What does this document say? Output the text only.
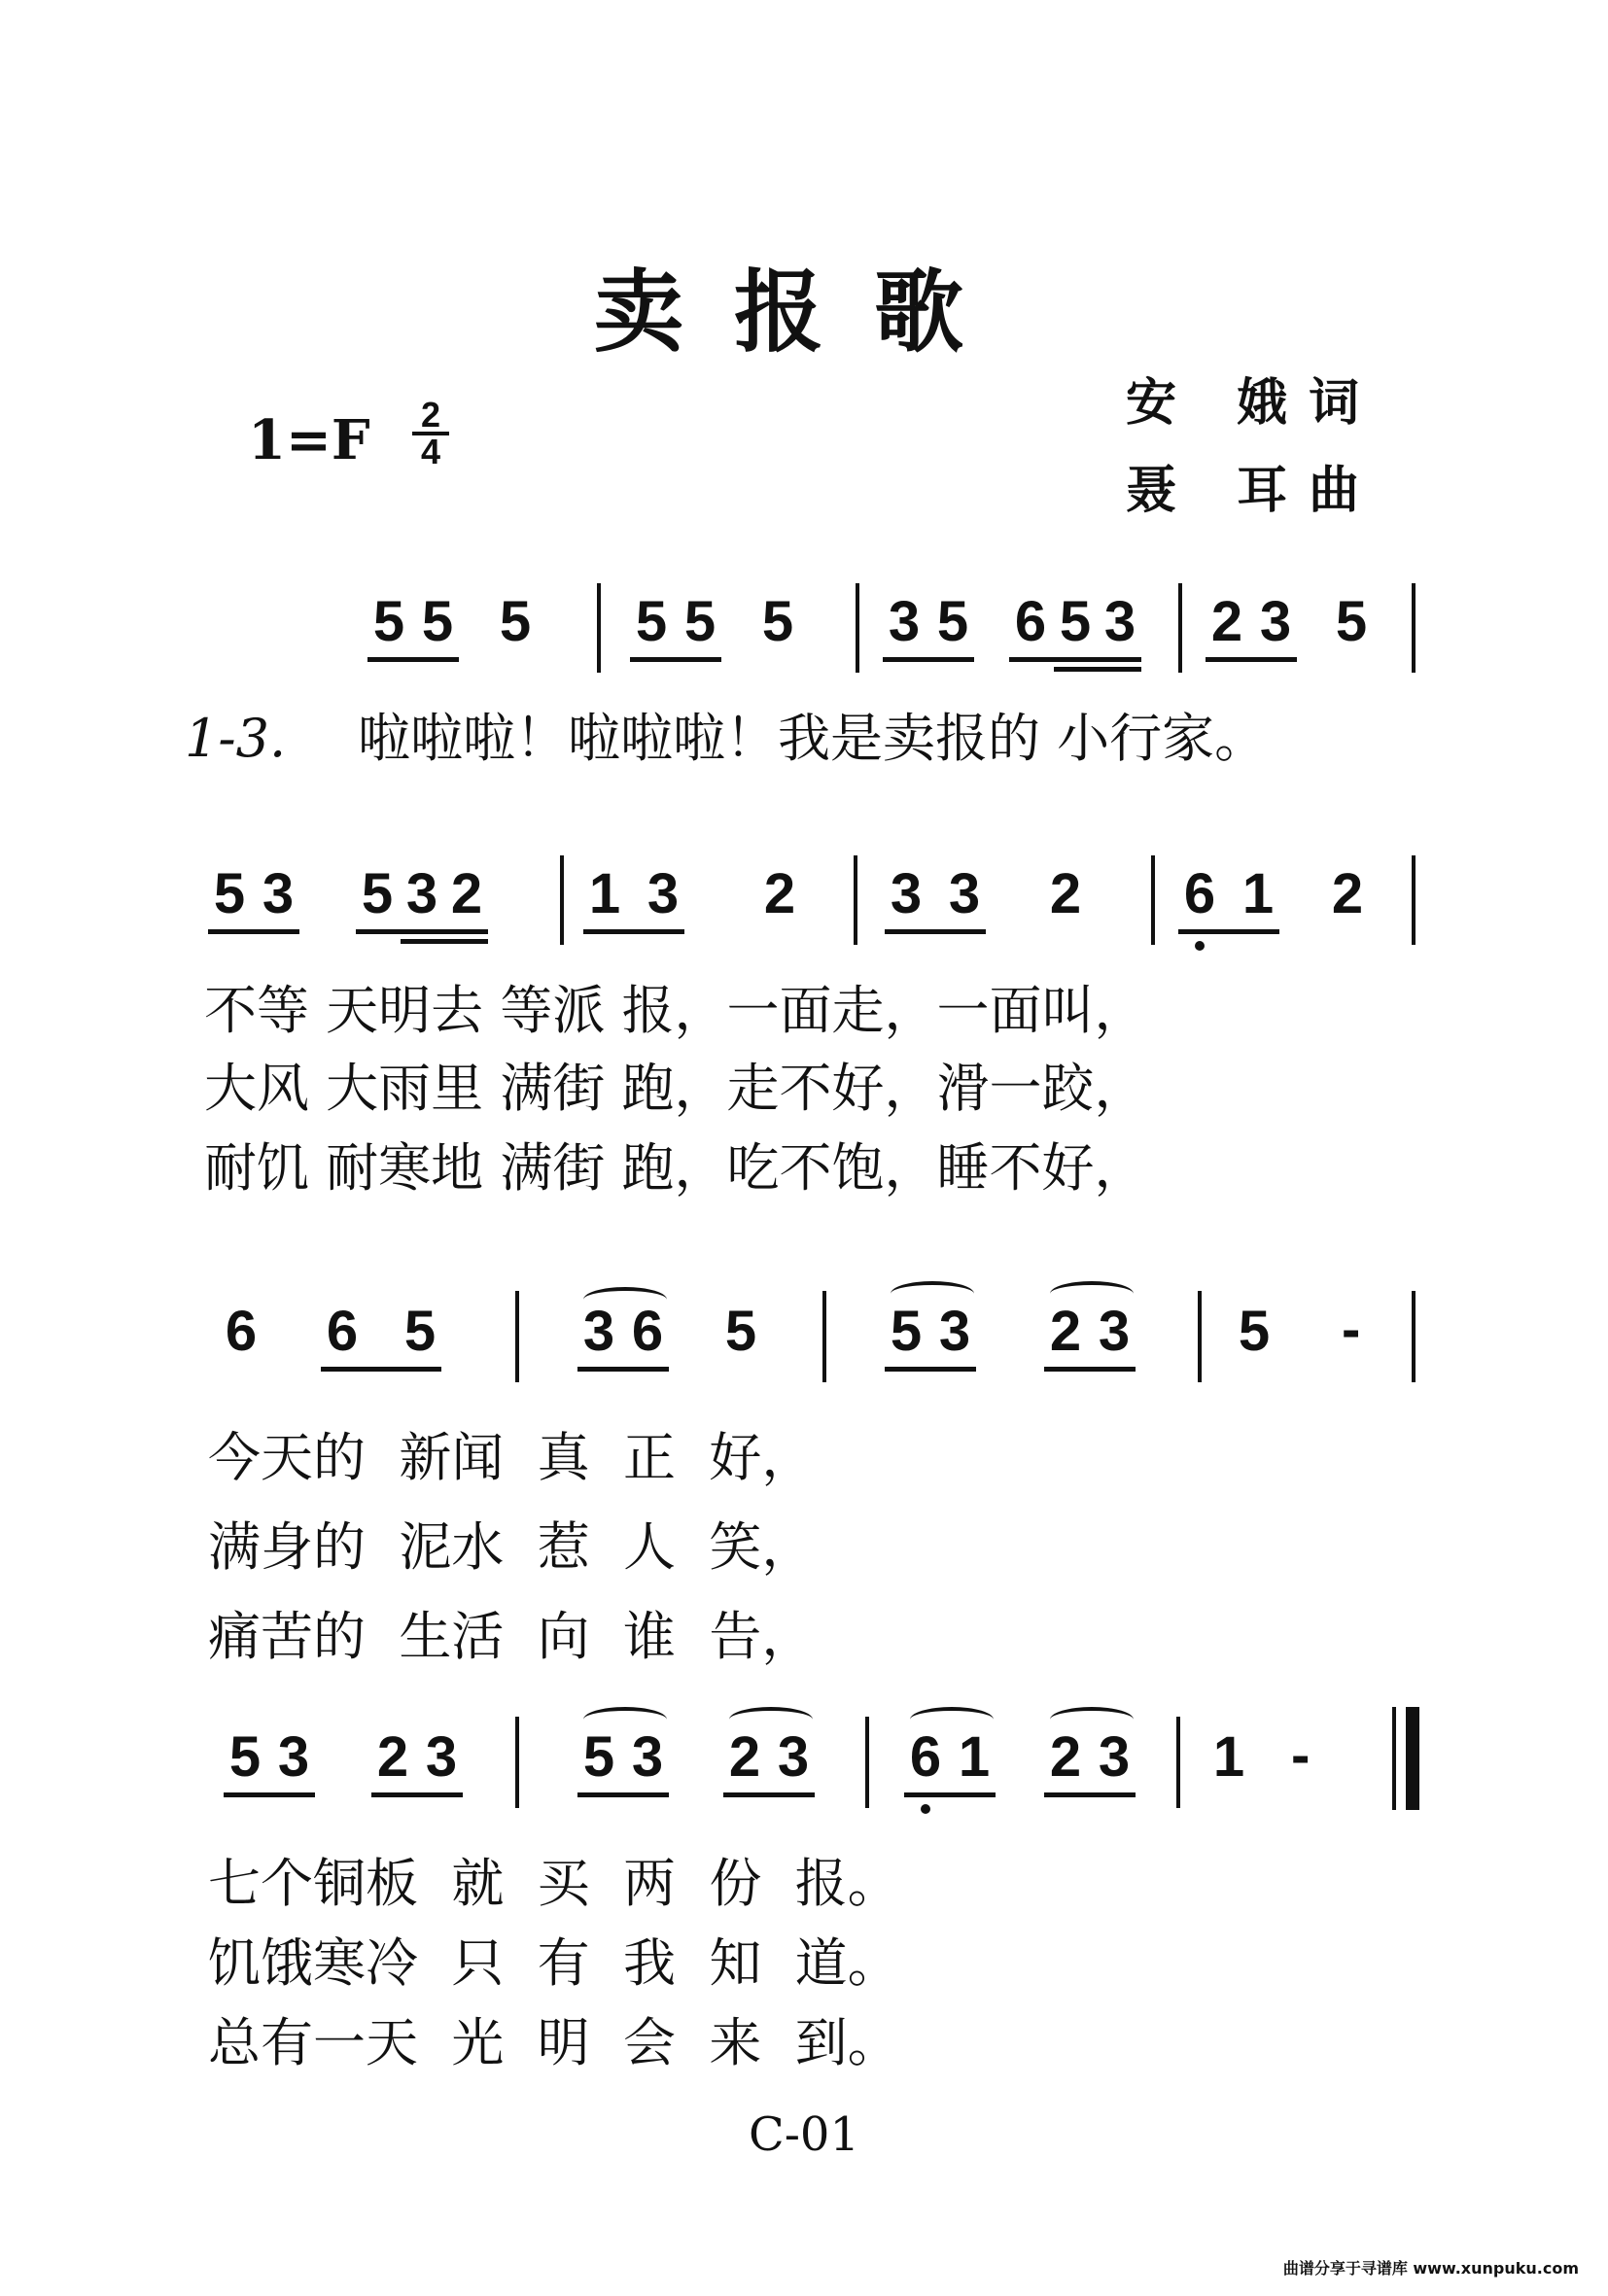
卖报歌
1=F	2
4
安 娥词
聂 耳曲
5 5 5 5 5 5 3 5 6 5 3 2 3 5
1-3. 啦啦啦！啦啦啦！我是卖报的 小行家。
5 3 5 3 2 1 3 2 3 3 2 6 1 2
不等 天明去 等派 报，一面走，一面叫，
大风 大雨里 满街 跑，走不好，滑一跤，
耐饥 耐寒地 满街 跑，吃不饱，睡不好，
6 6 5	3 6 5 5 3 2 3 5 -
今天的  新闻  真  正  好，
满身的  泥水  惹  人  笑，
痛苦的  生活  向  谁  告，
5 3 2 3 5 3 2 3 6 1 2 3 1 -
七个铜板  就  买  两  份  报。
饥饿寒冷  只  有  我  知  道。
总有一天  光  明  会  来  到。
C-01
曲谱分享于寻谱库 www.xunpuku.com
